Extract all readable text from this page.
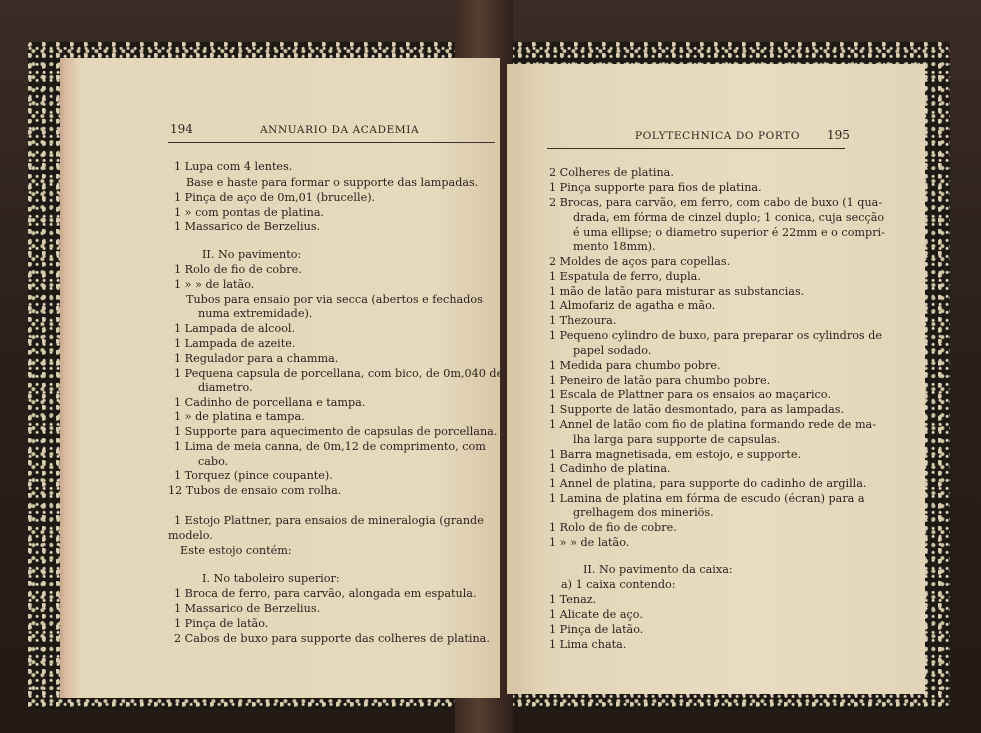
194	ANNUARIO DA ACADEMIA
1 Lupa com 4 lentes.
Base e haste para formar o supporte das lampadas.
1 Pinça de aço de 0m,01 (brucelle).
1 » com pontas de platina.
1 Massarico de Berzelius.
II. No pavimento:
1 Rolo de fio de cobre.
1 » » de latão.
Tubos para ensaio por via secca (abertos e fechados
numa extremidade).
1 Lampada de alcool.
1 Lampada de azeite.
1 Regulador para a chamma.
1 Pequena capsula de porcellana, com bico, de 0m,040 de
diametro.
1 Cadinho de porcellana e tampa.
1 » de platina e tampa.
1 Supporte para aquecimento de capsulas de porcellana.
1 Lima de meia canna, de 0m,12 de comprimento, com
cabo.
1 Torquez (pince coupante).
12 Tubos de ensaio com rolha.
1 Estojo Plattner, para ensaios de mineralogia (grande
modelo.
Este estojo contém:
I. No taboleiro superior:
1 Broca de ferro, para carvão, alongada em espatula.
1 Massarico de Berzelius.
1 Pinça de latão.
2 Cabos de buxo para supporte das colheres de platina.
POLYTECHNICA DO PORTO 195
2 Colheres de platina.
1 Pinça supporte para fios de platina.
2 Brocas, para carvão, em ferro, com cabo de buxo (1 qua-
drada, em fórma de cinzel duplo; 1 conica, cuja secção
é uma ellipse; o diametro superior é 22mm e o compri-
mento 18mm).
2 Moldes de aços para copellas.
1 Espatula de ferro, dupla.
1 mão de latão para misturar as substancias.
1 Almofariz de agatha e mão.
1 Thezoura.
1 Pequeno cylindro de buxo, para preparar os cylindros de
papel sodado.
1 Medida para chumbo pobre.
1 Peneiro de latão para chumbo pobre.
1 Escala de Plattner para os ensaios ao maçarico.
1 Supporte de latão desmontado, para as lampadas.
1 Annel de latão com fio de platina formando rede de ma-
lha larga para supporte de capsulas.
1 Barra magnetisada, em estojo, e supporte.
1 Cadinho de platina.
1 Annel de platina, para supporte do cadinho de argilla.
1 Lamina de platina em fórma de escudo (écran) para a
grelhagem dos mineriös.
1 Rolo de fio de cobre.
1 » » de latão.
II. No pavimento da caixa:
a) 1 caixa contendo:
1 Tenaz.
1 Alicate de aço.
1 Pinça de latão.
1 Lima chata.
